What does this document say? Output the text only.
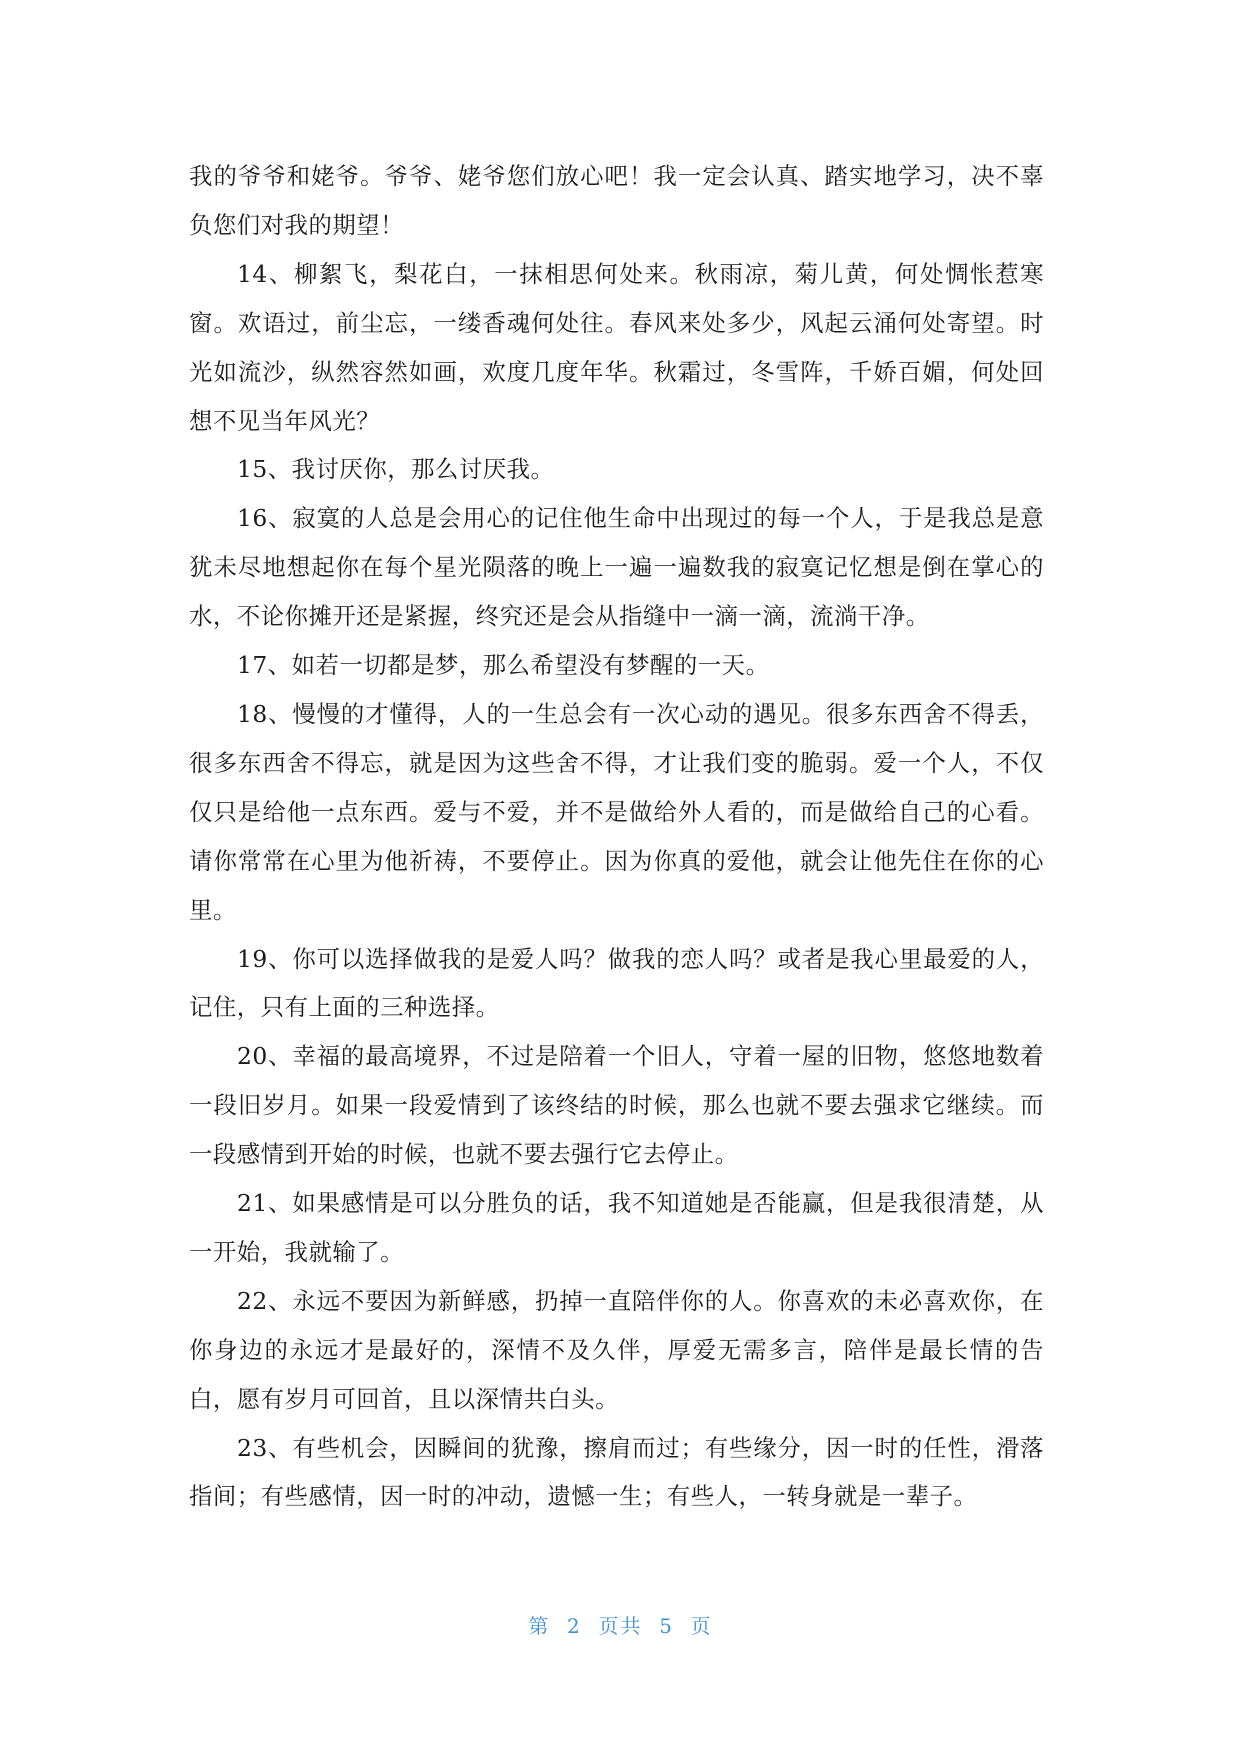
我的爷爷和姥爷。爷爷、姥爷您们放心吧！我一定会认真、踏实地学习，决不辜负您们对我的期望！

14、柳絮飞，梨花白，一抹相思何处来。秋雨凉，菊儿黄，何处惆怅惹寒窗。欢语过，前尘忘，一缕香魂何处往。春风来处多少，风起云涌何处寄望。时光如流沙，纵然容然如画，欢度几度年华。秋霜过，冬雪阵，千娇百媚，何处回想不见当年风光？

15、我讨厌你，那么讨厌我。

16、寂寞的人总是会用心的记住他生命中出现过的每一个人，于是我总是意犹未尽地想起你在每个星光陨落的晚上一遍一遍数我的寂寞记忆想是倒在掌心的水，不论你摊开还是紧握，终究还是会从指缝中一滴一滴，流淌干净。

17、如若一切都是梦，那么希望没有梦醒的一天。

18、慢慢的才懂得，人的一生总会有一次心动的遇见。很多东西舍不得丢，很多东西舍不得忘，就是因为这些舍不得，才让我们变的脆弱。爱一个人，不仅仅只是给他一点东西。爱与不爱，并不是做给外人看的，而是做给自己的心看。请你常常在心里为他祈祷，不要停止。因为你真的爱他，就会让他先住在你的心里。

19、你可以选择做我的是爱人吗？做我的恋人吗？或者是我心里最爱的人，记住，只有上面的三种选择。

20、幸福的最高境界，不过是陪着一个旧人，守着一屋的旧物，悠悠地数着一段旧岁月。如果一段爱情到了该终结的时候，那么也就不要去强求它继续。而一段感情到开始的时候，也就不要去强行它去停止。

21、如果感情是可以分胜负的话，我不知道她是否能赢，但是我很清楚，从一开始，我就输了。

22、永远不要因为新鲜感，扔掉一直陪伴你的人。你喜欢的未必喜欢你，在你身边的永远才是最好的，深情不及久伴，厚爱无需多言，陪伴是最长情的告白，愿有岁月可回首，且以深情共白头。

23、有些机会，因瞬间的犹豫，擦肩而过；有些缘分，因一时的任性，滑落指间；有些感情，因一时的冲动，遗憾一生；有些人，一转身就是一辈子。

第 2 页共 5 页
